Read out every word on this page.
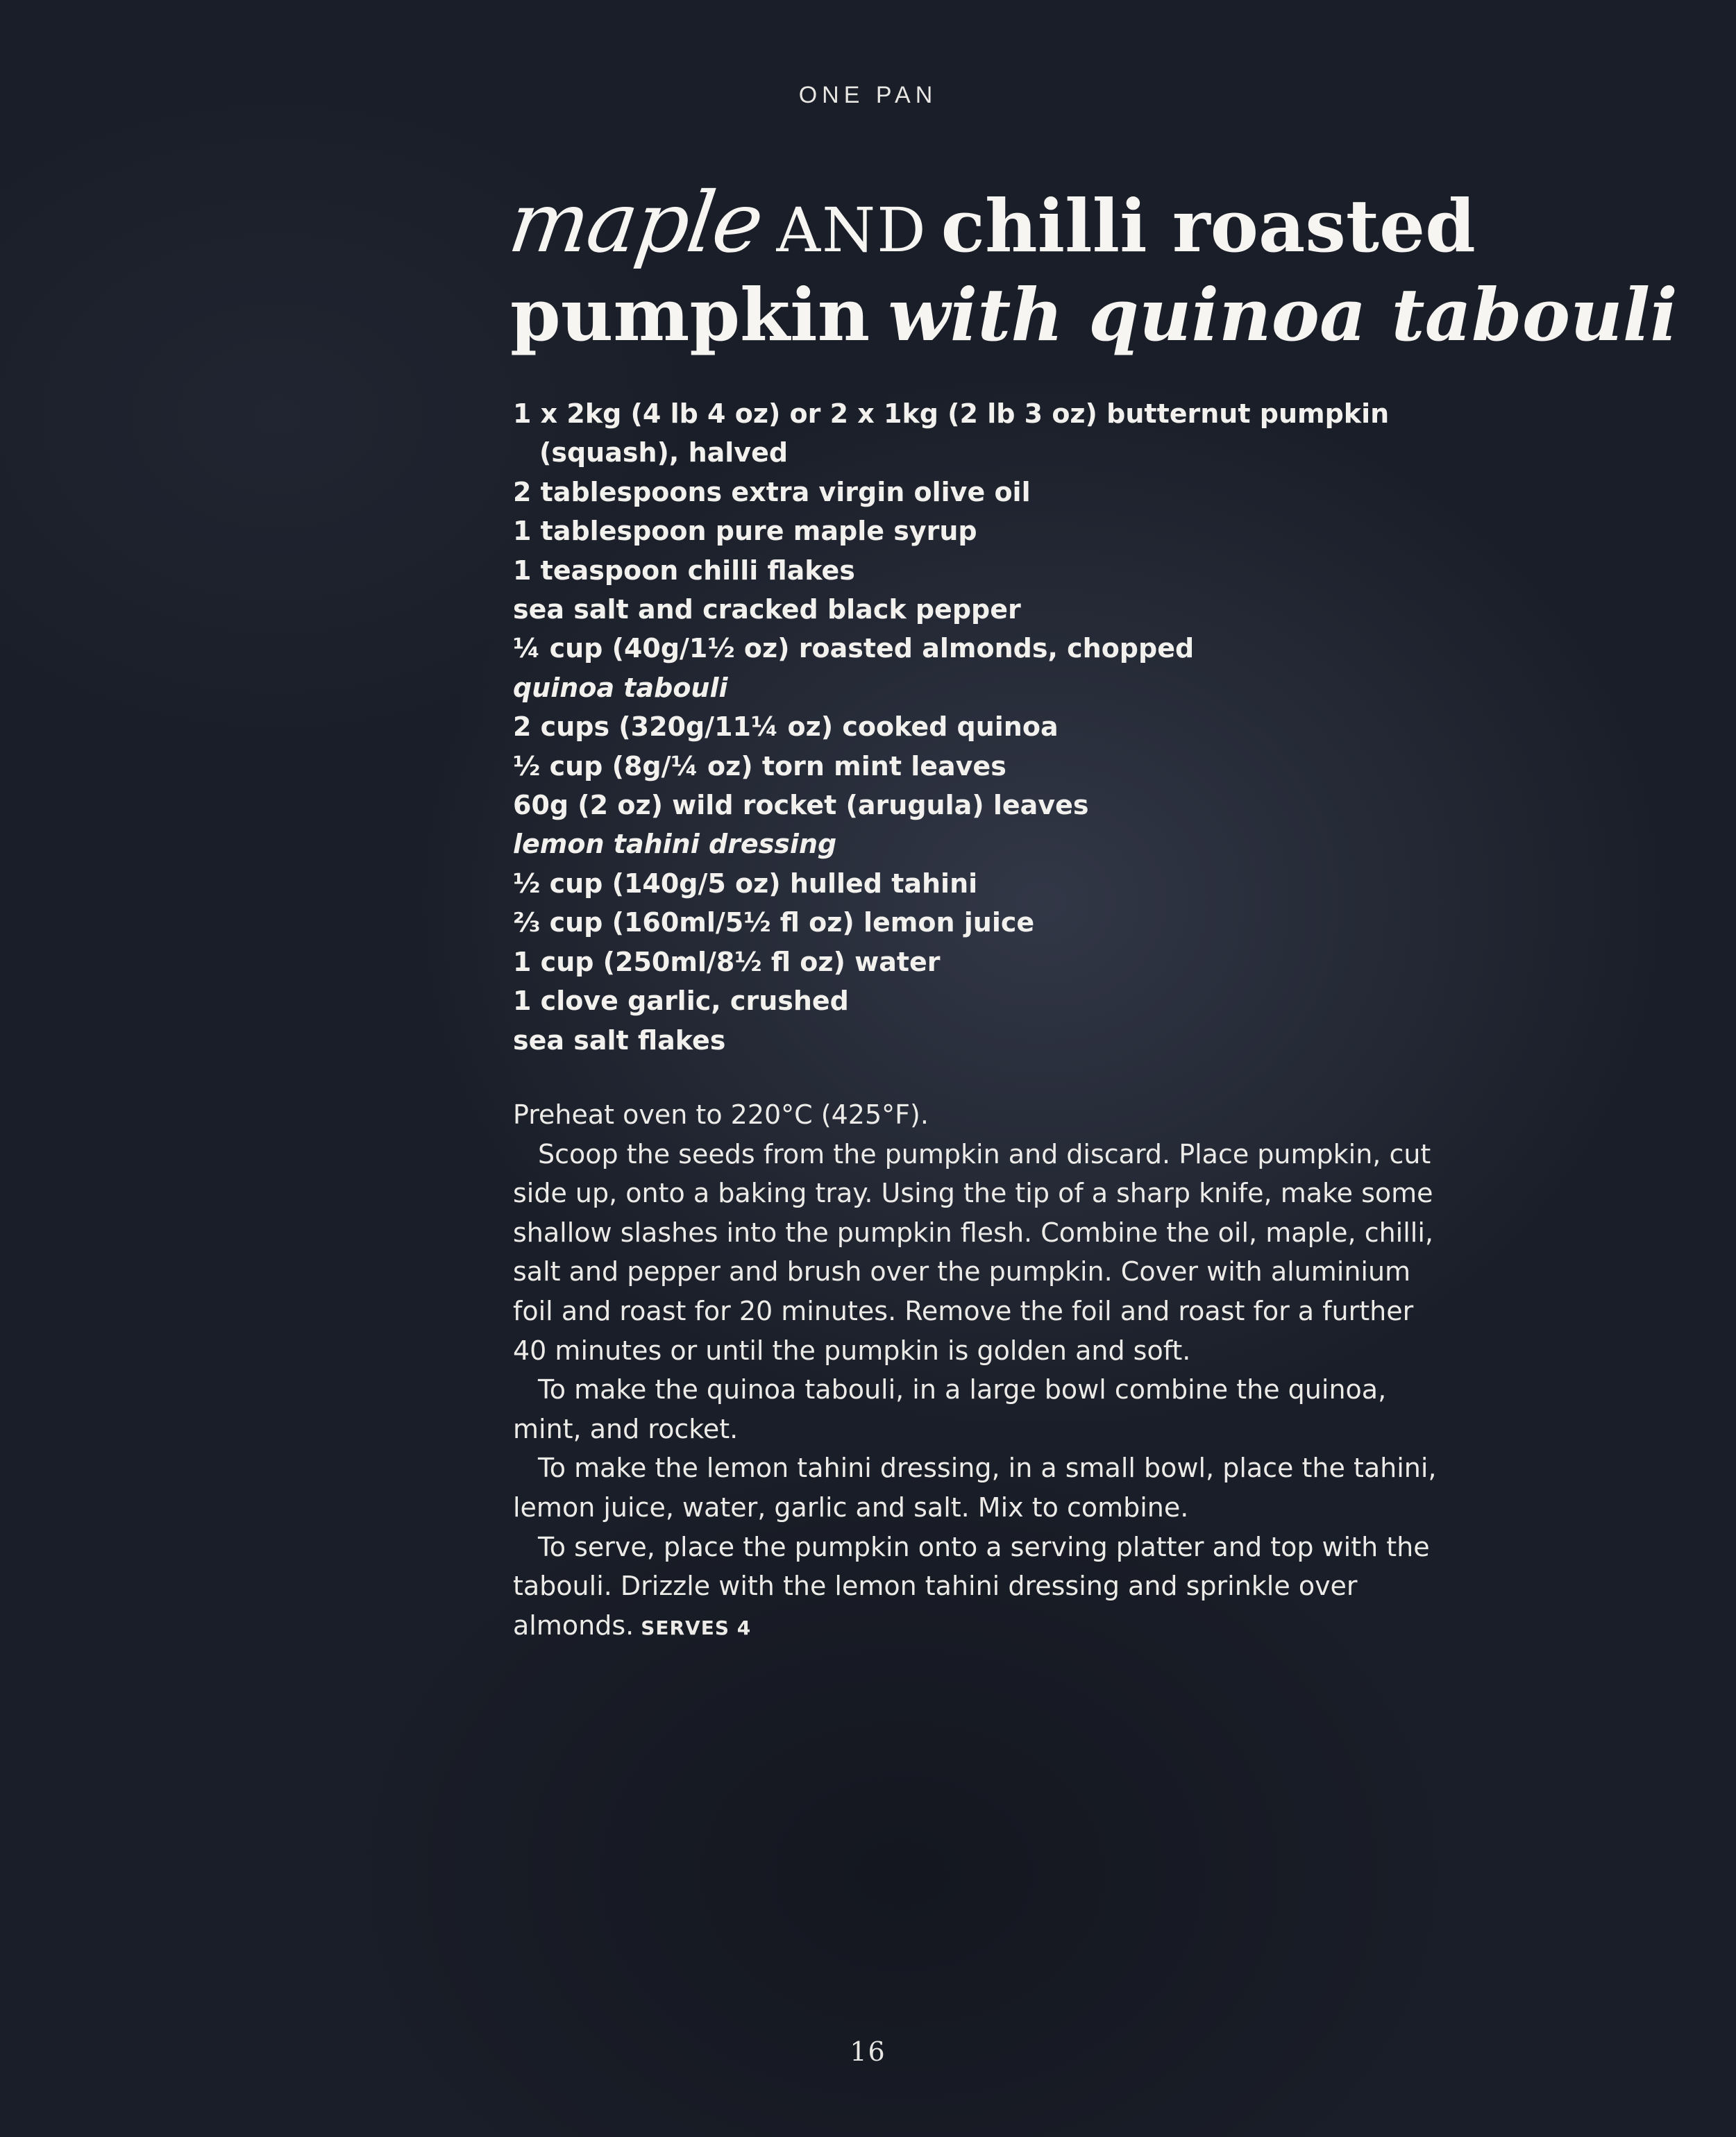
ONE PAN
maple AND chilli roasted
pumpkin with quinoa tabouli
1 x 2kg (4 lb 4 oz) or 2 x 1kg (2 lb 3 oz) butternut pumpkin (squash), halved
2 tablespoons extra virgin olive oil
1 tablespoon pure maple syrup
1 teaspoon chilli flakes
sea salt and cracked black pepper
¼ cup (40g/1½ oz) roasted almonds, chopped
quinoa tabouli
2 cups (320g/11¼ oz) cooked quinoa
½ cup (8g/¼ oz) torn mint leaves
60g (2 oz) wild rocket (arugula) leaves
lemon tahini dressing
½ cup (140g/5 oz) hulled tahini
⅔ cup (160ml/5½ fl oz) lemon juice
1 cup (250ml/8½ fl oz) water
1 clove garlic, crushed
sea salt flakes

Preheat oven to 220°C (425°F).

Scoop the seeds from the pumpkin and discard. Place pumpkin, cut side up, onto a baking tray. Using the tip of a sharp knife, make some shallow slashes into the pumpkin flesh. Combine the oil, maple, chilli, salt and pepper and brush over the pumpkin. Cover with aluminium foil and roast for 20 minutes. Remove the foil and roast for a further 40 minutes or until the pumpkin is golden and soft.

To make the quinoa tabouli, in a large bowl combine the quinoa, mint, and rocket.

To make the lemon tahini dressing, in a small bowl, place the tahini, lemon juice, water, garlic and salt. Mix to combine.

To serve, place the pumpkin onto a serving platter and top with the tabouli. Drizzle with the lemon tahini dressing and sprinkle over almonds. SERVES 4

16
